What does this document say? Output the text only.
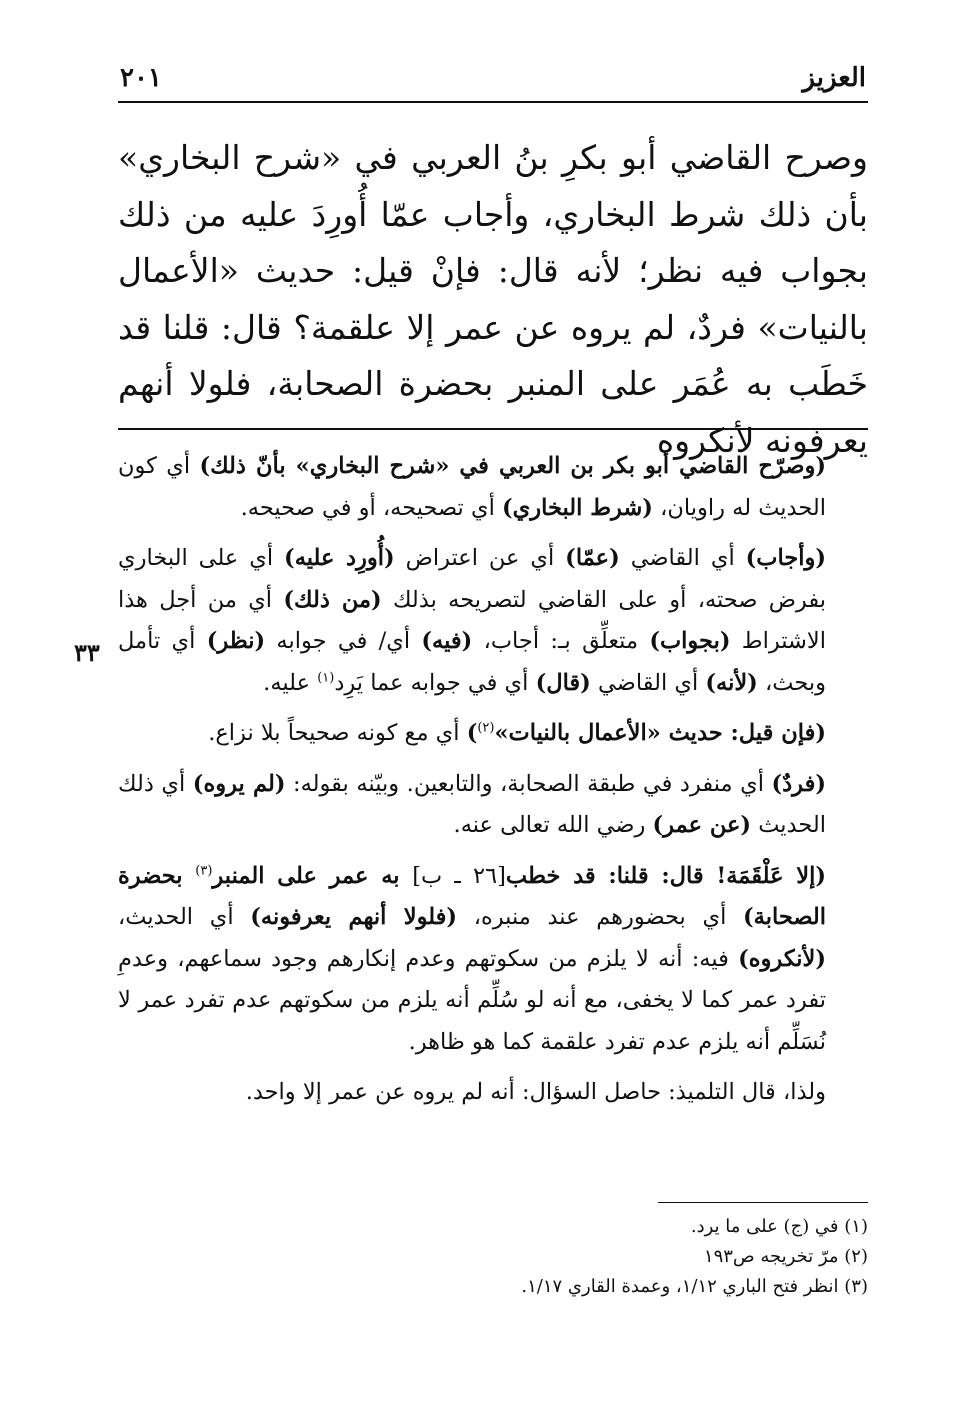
العزيز
٢٠١
وصرح القاضي أبو بكرِ بنُ العربي في «شرح البخاري» بأن ذلك شرط البخاري، وأجاب عمّا أُورِدَ عليه من ذلك بجواب فيه نظر؛ لأنه قال: فإنْ قيل: حديث «الأعمال بالنيات» فردٌ، لم يروه عن عمر إلا علقمة؟ قال: قلنا قد خَطَب به عُمَر على المنبر بحضرة الصحابة، فلولا أنهم يعرفونه لأنكروه
٣٣

(وصرّح القاضي أبو بكر بن العربي في «شرح البخاري» بأنّ ذلك) أي كون الحديث له راويان، (شرط البخاري) أي تصحيحه، أو في صحيحه.

(وأجاب) أي القاضي (عمّا) أي عن اعتراض (أُورِد عليه) أي على البخاري بفرض صحته، أو على القاضي لتصريحه بذلك (من ذلك) أي من أجل هذا الاشتراط (بجواب) متعلِّق بـ: أجاب، (فيه) أي/ في جوابه (نظر) أي تأمل وبحث، (لأنه) أي القاضي (قال) أي في جوابه عما يَرِد$^{(١)}$ عليه.

(فإن قيل: حديث «الأعمال بالنيات»$^{(٢)}$) أي مع كونه صحيحاً بلا نزاع.

(فردٌ) أي منفرد في طبقة الصحابة، والتابعين. وبيّنه بقوله: (لم يروه) أي ذلك الحديث (عن عمر) رضي الله تعالى عنه.

(إلا عَلْقَمَة! قال: قلنا: قد خطب[٢٦ ـ ب] به عمر على المنبر$^{(٣)}$ بحضرة الصحابة) أي بحضورهم عند منبره، (فلولا أنهم يعرفونه) أي الحديث، (لأنكروه) فيه: أنه لا يلزم من سكوتهم وعدم إنكارهم وجود سماعهم، وعدمِ تفرد عمر كما لا يخفى، مع أنه لو سُلِّم أنه يلزم من سكوتهم عدم تفرد عمر لا نُسَلِّم أنه يلزم عدم تفرد علقمة كما هو ظاهر.

ولذا، قال التلميذ: حاصل السؤال: أنه لم يروه عن عمر إلا واحد.

(١) في (ج) على ما يرد.
(٢) مرّ تخريجه ص١٩٣
(٣) انظر فتح الباري ١/١٢، وعمدة القاري ١/١٧.
